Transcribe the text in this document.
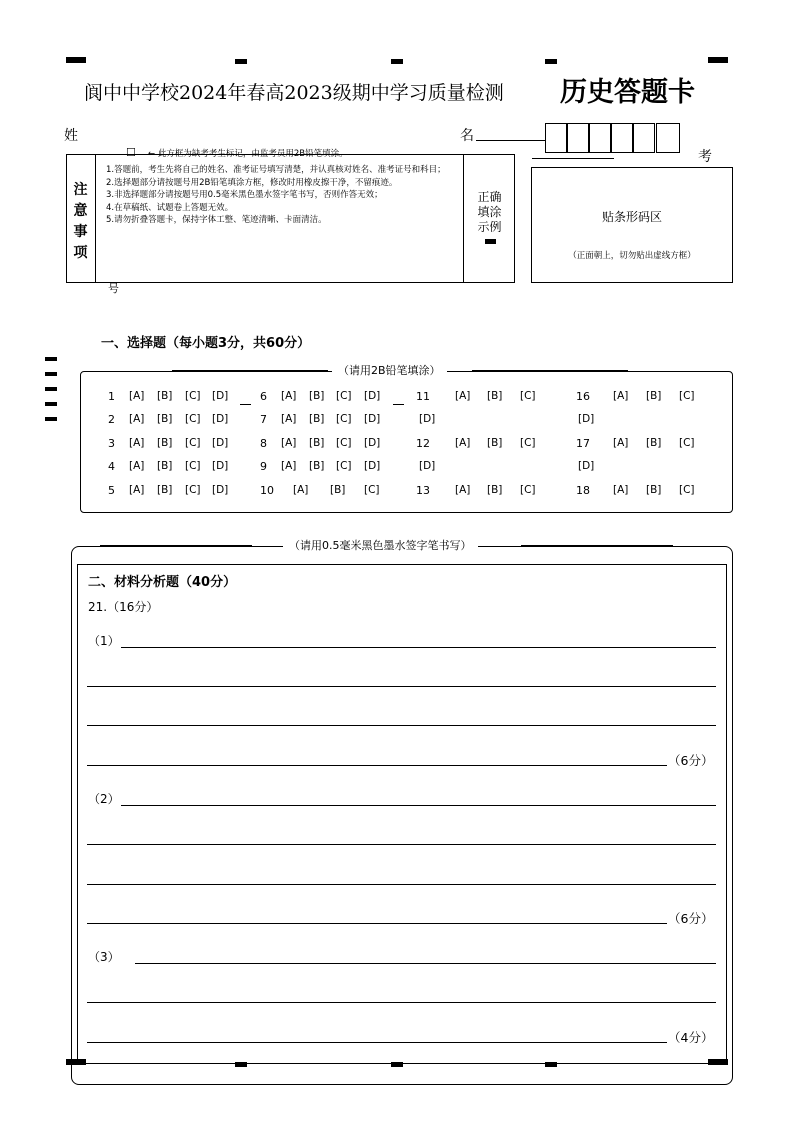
阆中中学校2024年春高2023级期中学习质量检测 历史答题卡
姓	名
考
号
注
意
事
项
☐ ← 此方框为缺考考生标记，由监考员用2B铅笔填涂。
1.答题前，考生先将自己的姓名、准考证号填写清楚，并认真核对姓名、准考证号和科目；
2.选择题部分请按题号用2B铅笔填涂方框，修改时用橡皮擦干净，不留痕迹。
3.非选择题部分请按题号用0.5毫米黑色墨水签字笔书写，否则作答无效；
4.在草稿纸、试题卷上答题无效。
5.请勿折叠答题卡，保持字体工整、笔迹清晰、卡面清洁。
正确
填涂
示例
贴条形码区
（正面朝上，切勿贴出虚线方框）
一、选择题（每小题3分，共60分）
（请用2B铅笔填涂）
1 [A] [B] [C] [D]
2 [A] [B] [C] [D]
3 [A] [B] [C] [D]
4 [A] [B] [C] [D]
5 [A] [B] [C] [D]
6 [A] [B] [C] [D]
7 [A] [B] [C] [D]
8 [A] [B] [C] [D]
9 [A] [B] [C] [D]
10 [A] [B] [C]
11 [A] [B] [C]
[D]
12 [A] [B] [C]
[D]
13 [A] [B] [C]
16 [A] [B] [C]
[D]
17 [A] [B] [C]
[D]
18 [A] [B] [C]
（请用0.5毫米黑色墨水签字笔书写）
二、材料分析题（40分）
21.（16分）
（1）
（6分）
（2）
（6分）
（3）
（4分）
